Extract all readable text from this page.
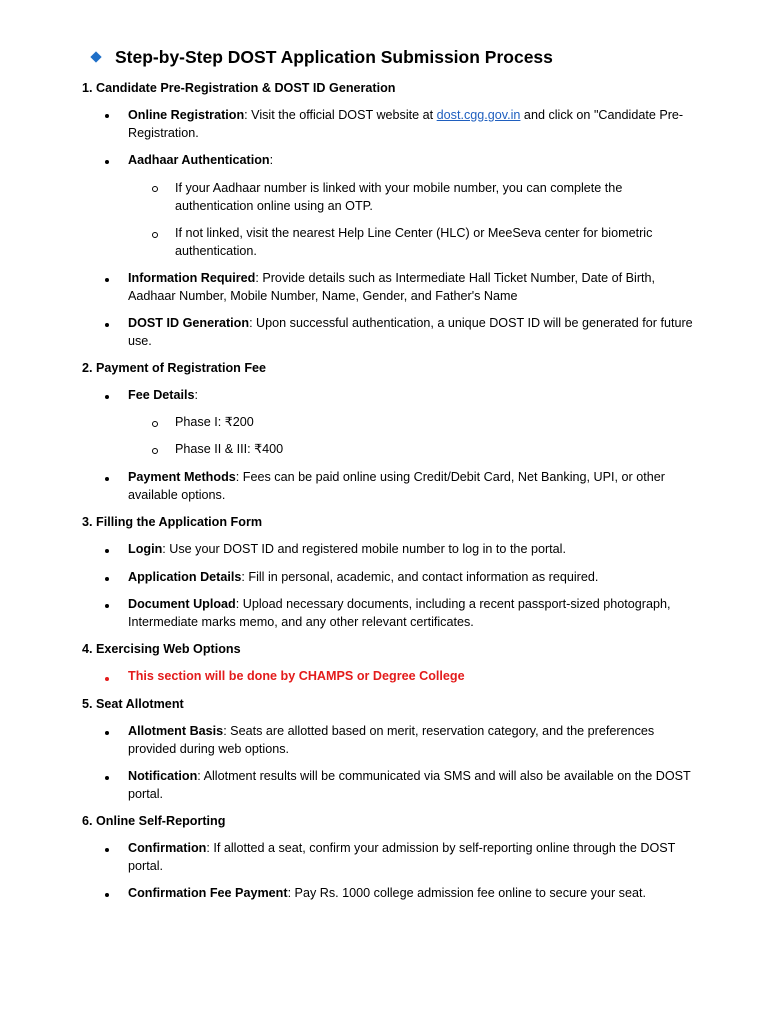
Step-by-Step DOST Application Submission Process
1. Candidate Pre-Registration & DOST ID Generation
Online Registration: Visit the official DOST website at dost.cgg.gov.in and click on "Candidate Pre-Registration.
Aadhaar Authentication:
If your Aadhaar number is linked with your mobile number, you can complete the authentication online using an OTP.
If not linked, visit the nearest Help Line Center (HLC) or MeeSeva center for biometric authentication.
Information Required: Provide details such as Intermediate Hall Ticket Number, Date of Birth, Aadhaar Number, Mobile Number, Name, Gender, and Father's Name
DOST ID Generation: Upon successful authentication, a unique DOST ID will be generated for future use.
2. Payment of Registration Fee
Fee Details:
Phase I: ₹200
Phase II & III: ₹400
Payment Methods: Fees can be paid online using Credit/Debit Card, Net Banking, UPI, or other available options.
3. Filling the Application Form
Login: Use your DOST ID and registered mobile number to log in to the portal.
Application Details: Fill in personal, academic, and contact information as required.
Document Upload: Upload necessary documents, including a recent passport-sized photograph, Intermediate marks memo, and any other relevant certificates.
4. Exercising Web Options
This section will be done by CHAMPS or Degree College
5. Seat Allotment
Allotment Basis: Seats are allotted based on merit, reservation category, and the preferences provided during web options.
Notification: Allotment results will be communicated via SMS and will also be available on the DOST portal.
6. Online Self-Reporting
Confirmation: If allotted a seat, confirm your admission by self-reporting online through the DOST portal.
Confirmation Fee Payment: Pay Rs. 1000 college admission fee online to secure your seat.
